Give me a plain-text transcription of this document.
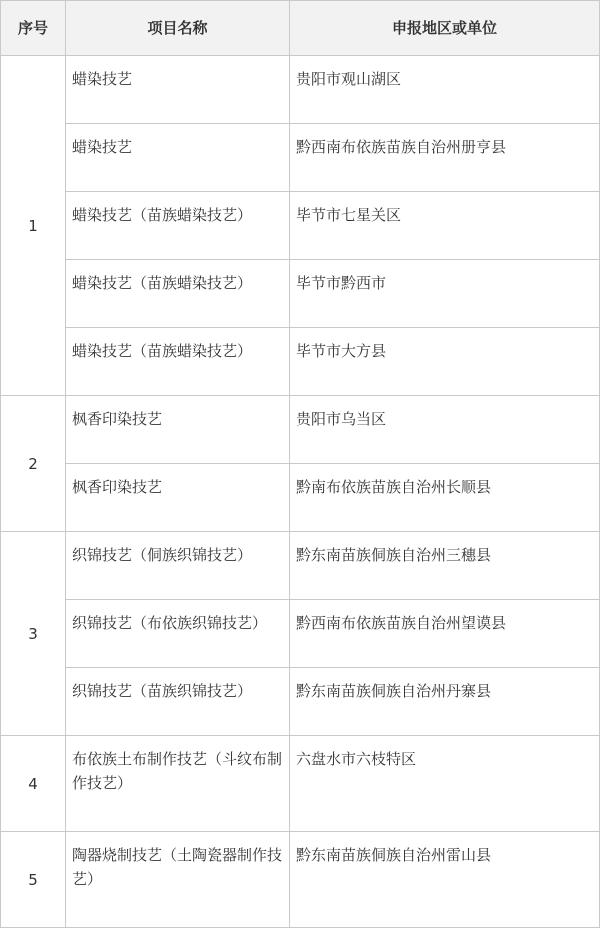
序号	项目名称	申报地区或单位
1	蜡染技艺	贵阳市观山湖区
	蜡染技艺	黔西南布依族苗族自治州册亨县
	蜡染技艺（苗族蜡染技艺）	毕节市七星关区
	蜡染技艺（苗族蜡染技艺）	毕节市黔西市
	蜡染技艺（苗族蜡染技艺）	毕节市大方县
2	枫香印染技艺	贵阳市乌当区
	枫香印染技艺	黔南布依族苗族自治州长顺县
3	织锦技艺（侗族织锦技艺）	黔东南苗族侗族自治州三穗县
	织锦技艺（布依族织锦技艺）	黔西南布依族苗族自治州望谟县
	织锦技艺（苗族织锦技艺）	黔东南苗族侗族自治州丹寨县
4	布依族土布制作技艺（斗纹布制作技艺）	六盘水市六枝特区
5	陶器烧制技艺（土陶瓷器制作技艺）	黔东南苗族侗族自治州雷山县
